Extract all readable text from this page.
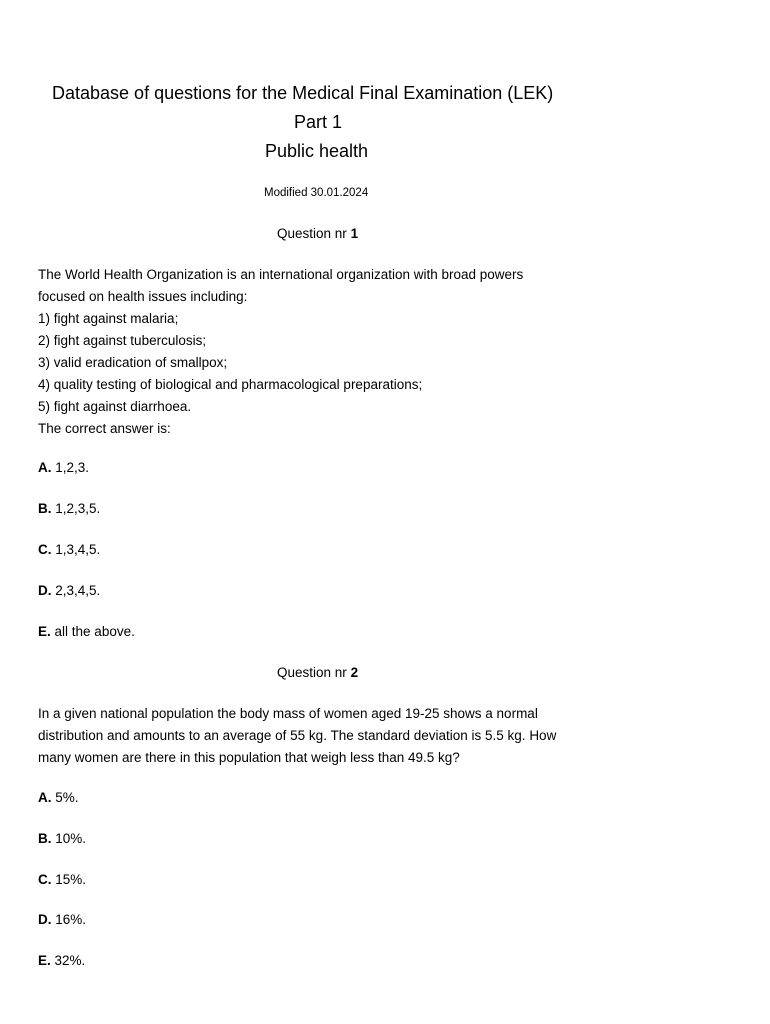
Database of questions for the Medical Final Examination (LEK)
Part 1
Public health
Modified 30.01.2024
Question nr 1
The World Health Organization is an international organization with broad powers
focused on health issues including:
1) fight against malaria;
2) fight against tuberculosis;
3) valid eradication of smallpox;
4) quality testing of biological and pharmacological preparations;
5) fight against diarrhoea.
The correct answer is:
A. 1,2,3.
B. 1,2,3,5.
C. 1,3,4,5.
D. 2,3,4,5.
E. all the above.
Question nr 2
In a given national population the body mass of women aged 19-25 shows a normal
distribution and amounts to an average of 55 kg. The standard deviation is 5.5 kg. How
many women are there in this population that weigh less than 49.5 kg?
A. 5%.
B. 10%.
C. 15%.
D. 16%.
E. 32%.
